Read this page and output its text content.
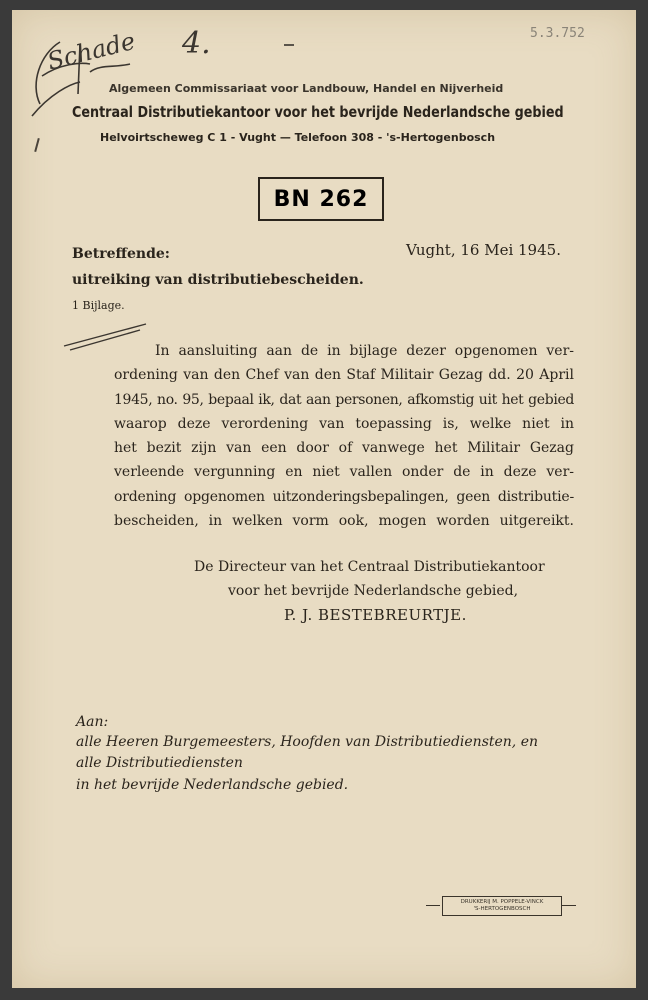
Schade 4.	5.3.752
Algemeen Commissariaat voor Landbouw, Handel en Nijverheid
Centraal Distributiekantoor voor het bevrijde Nederlandsche gebied
Helvoirtscheweg C 1 - Vught — Telefoon 308 - 's-Hertogenbosch
BN 262
Betreffende:	Vught, 16 Mei 1945.
uitreiking van distributiebescheiden.
1 Bijlage.
In aansluiting aan de in bijlage dezer opgenomen ver-
ordening van den Chef van den Staf Militair Gezag dd. 20 April
1945, no. 95, bepaal ik, dat aan personen, afkomstig uit het gebied
waarop deze verordening van toepassing is, welke niet in
het bezit zijn van een door of vanwege het Militair Gezag
verleende vergunning en niet vallen onder de in deze ver-
ordening opgenomen uitzonderingsbepalingen, geen distributie-
bescheiden, in welken vorm ook, mogen worden uitgereikt.
De Directeur van het Centraal Distributiekantoor
voor het bevrijde Nederlandsche gebied,
P. J. BESTEBREURTJE.
Aan:
alle Heeren Burgemeesters, Hoofden van Distributiediensten, en
alle Distributiediensten
in het bevrijde Nederlandsche gebied.
DRUKKERIJ M. POPPELE-VINCK
'S-HERTOGENBOSCH
